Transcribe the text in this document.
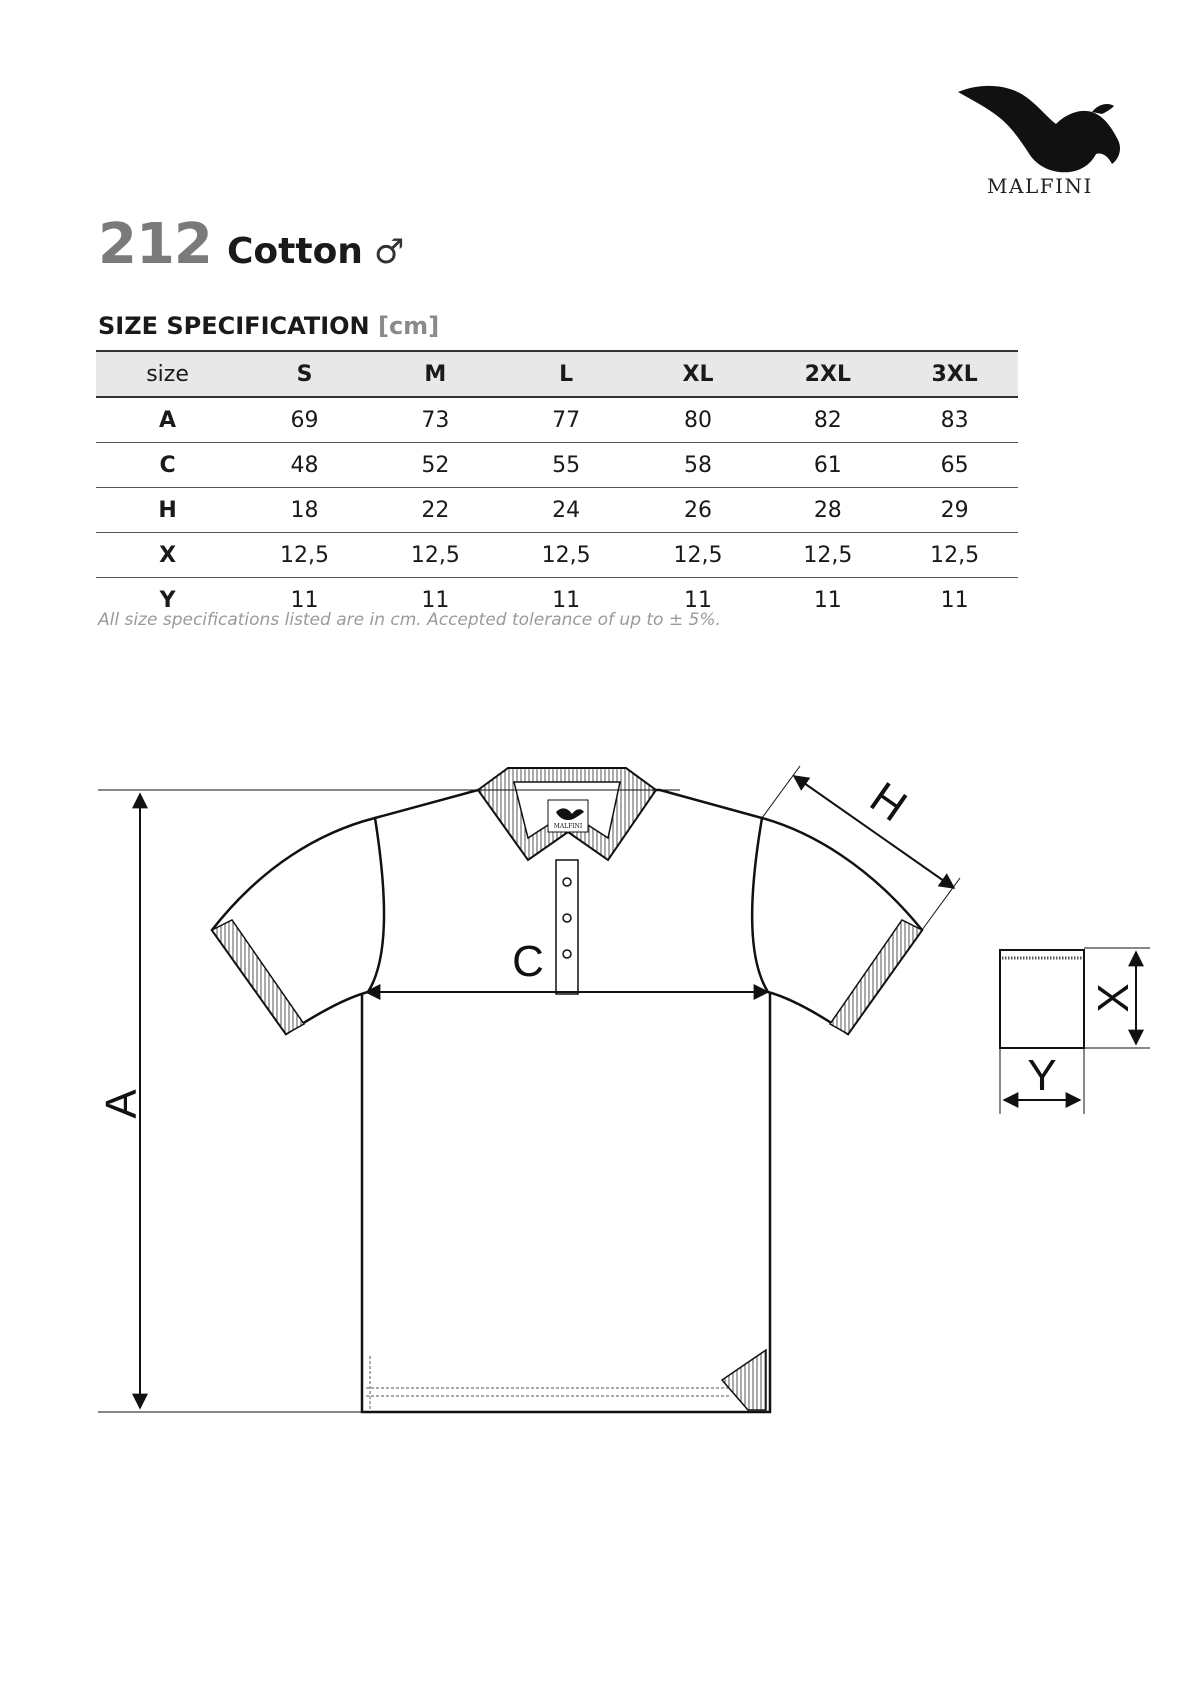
MALFINI
212 Cotton ♂
SIZE SPECIFICATION [cm]
size	S	M	L	XL	2XL	3XL
A	69	73	77	80	82	83
C	48	52	55	58	61	65
H	18	22	24	26	28	29
X	12,5	12,5	12,5	12,5	12,5	12,5
Y	11	11	11	11	11	11
All size specifications listed are in cm. Accepted tolerance of up to ± 5%.
MALFINI
A
C
H
X
Y
